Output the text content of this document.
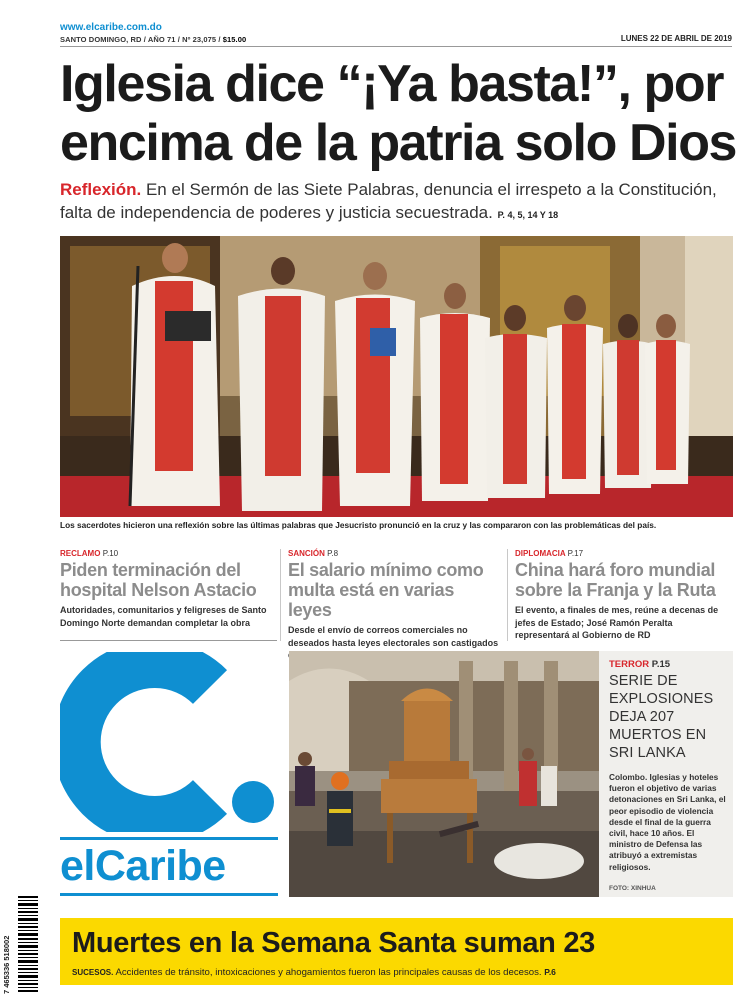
www.elcaribe.com.do
SANTO DOMINGO, RD / AÑO 71 / Nº 23,075 / $15.00	LUNES 22 DE ABRIL DE 2019
Iglesia dice “¡Ya basta!”, por encima de la patria solo Dios

Reflexión. En el Sermón de las Siete Palabras, denuncia el irrespeto a la Constitución, falta de independencia de poderes y justicia secuestrada. P. 4, 5, 14 Y 18

Los sacerdotes hicieron una reflexión sobre las últimas palabras que Jesucristo pronunció en la cruz y las compararon con las problemáticas del país.
RECLAMO P.10
Piden terminación del hospital Nelson Astacio
Autoridades, comunitarios y feligreses de Santo Domingo Norte demandan completar la obra
SANCIÓN P.8
El salario mínimo como multa está en varias leyes
Desde el envío de correos comerciales no deseados hasta leyes electorales son castigados
DIPLOMACIA P.17
China hará foro mundial sobre la Franja y la Ruta
El evento, a finales de mes, reúne a decenas de jefes de Estado; José Ramón Peralta representará al Gobierno de RD
elCaribe
TERROR P.15
SERIE DE EXPLOSIONES DEJA 207 MUERTOS EN SRI LANKA
Colombo. Iglesias y hoteles fueron el objetivo de varias detonaciones en Sri Lanka, el peor episodio de violencia desde el final de la guerra civil, hace 10 años. El ministro de Defensa las atribuyó a extremistas religiosos.
FOTO: XINHUA
7 465336 518002 Muertes en la Semana Santa suman 23
SUCESOS. Accidentes de tránsito, intoxicaciones y ahogamientos fueron las principales causas de los decesos. P.6
